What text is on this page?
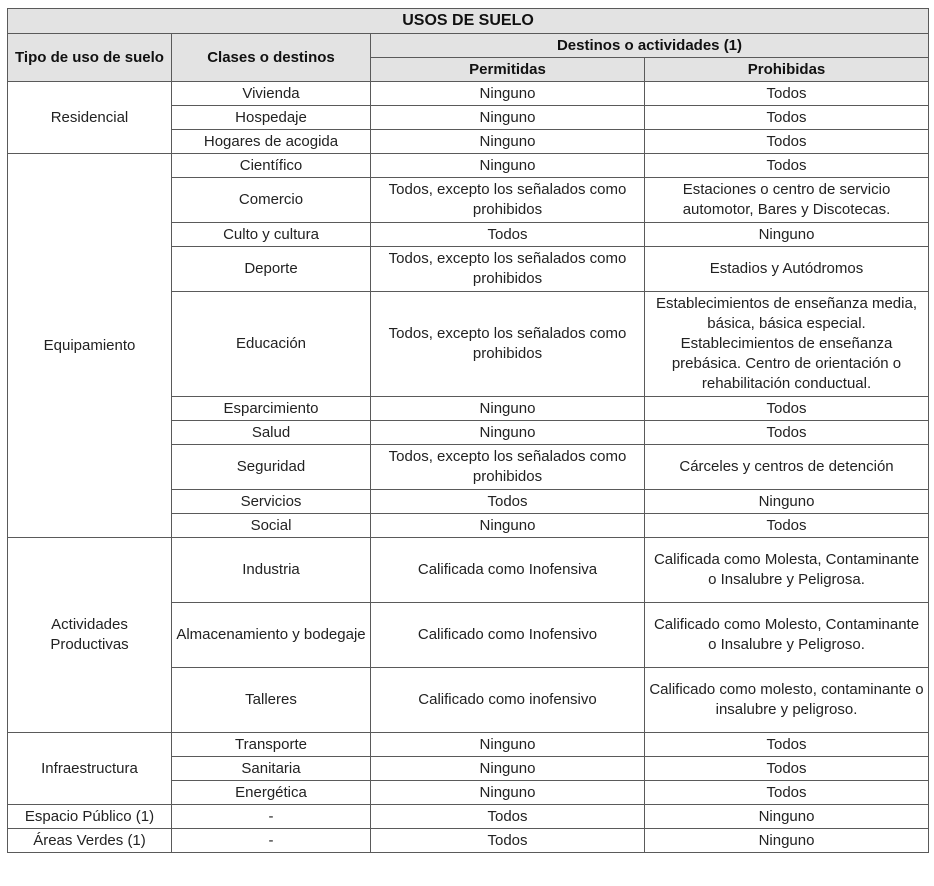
USOS DE SUELO			
Tipo de uso de suelo	Clases o destinos	Destinos o actividades (1)	
		Permitidas	Prohibidas
Residencial	Vivienda	Ninguno	Todos
	Hospedaje	Ninguno	Todos
	Hogares de acogida	Ninguno	Todos
Equipamiento	Científico	Ninguno	Todos
	Comercio	Todos, excepto los señalados como prohibidos	Estaciones o centro de servicio automotor, Bares y Discotecas.
	Culto y cultura	Todos	Ninguno
	Deporte	Todos, excepto los señalados como prohibidos	Estadios y Autódromos
	Educación	Todos, excepto los señalados como prohibidos	Establecimientos de enseñanza media, básica, básica especial. Establecimientos de enseñanza prebásica. Centro de orientación o rehabilitación conductual.
	Esparcimiento	Ninguno	Todos
	Salud	Ninguno	Todos
	Seguridad	Todos, excepto los señalados como prohibidos	Cárceles y centros de detención
	Servicios	Todos	Ninguno
	Social	Ninguno	Todos
Actividades Productivas	Industria	Calificada como Inofensiva	Calificada como Molesta, Contaminante o Insalubre y Peligrosa.
	Almacenamiento y bodegaje	Calificado como Inofensivo	Calificado como Molesto, Contaminante o Insalubre y Peligroso.
	Talleres	Calificado como inofensivo	Calificado como molesto, contaminante o insalubre y peligroso.
Infraestructura	Transporte	Ninguno	Todos
	Sanitaria	Ninguno	Todos
	Energética	Ninguno	Todos
Espacio Público (1)	-	Todos	Ninguno
Áreas Verdes (1)	-	Todos	Ninguno
